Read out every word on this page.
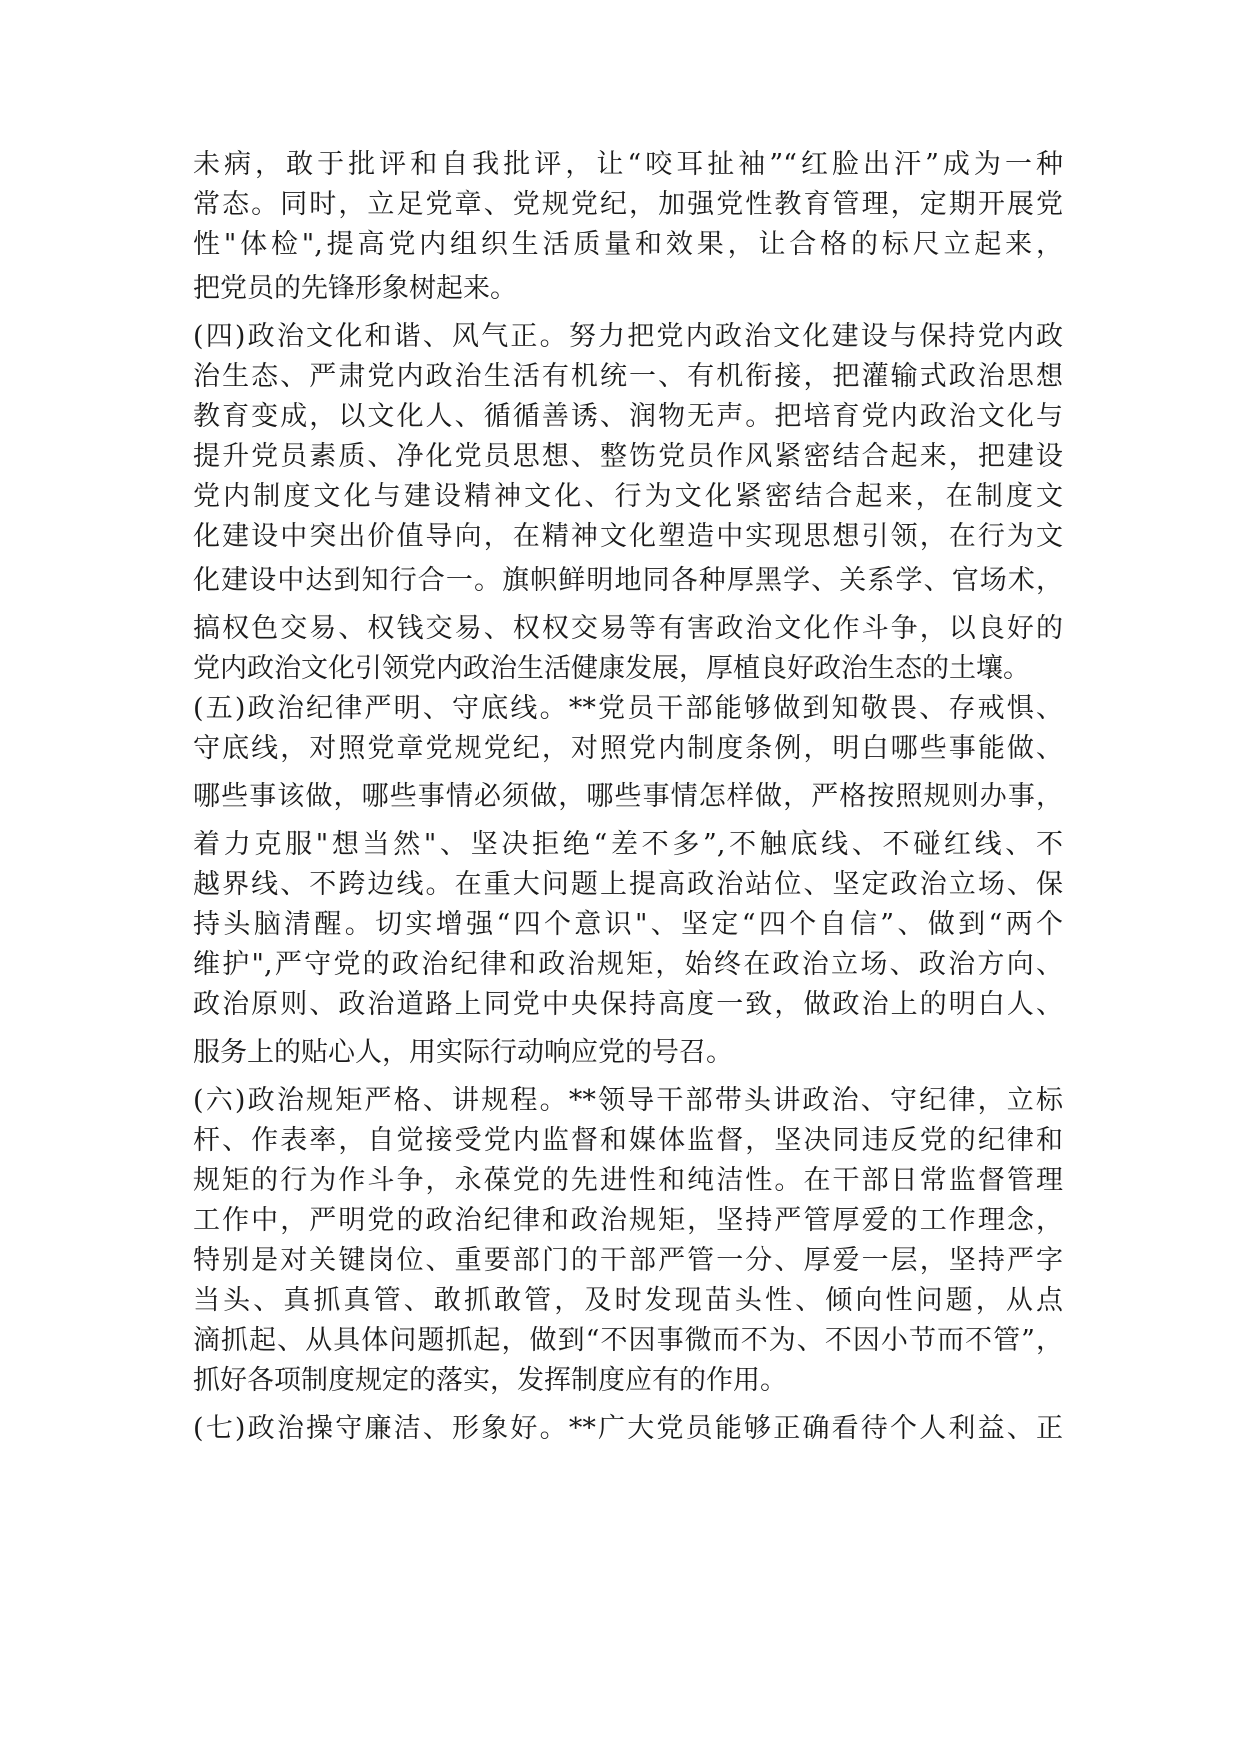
未病，敢于批评和自我批评，让“咬耳扯袖”“红脸出汗”成为一种
常态。同时，立足党章、党规党纪，加强党性教育管理，定期开展党
性"体检",提高党内组织生活质量和效果，让合格的标尺立起来，
把党员的先锋形象树起来。
(四)政治文化和谐、风气正。努力把党内政治文化建设与保持党内政
治生态、严肃党内政治生活有机统一、有机衔接，把灌输式政治思想
教育变成，以文化人、循循善诱、润物无声。把培育党内政治文化与
提升党员素质、净化党员思想、整饬党员作风紧密结合起来，把建设
党内制度文化与建设精神文化、行为文化紧密结合起来，在制度文
化建设中突出价值导向，在精神文化塑造中实现思想引领，在行为文
化建设中达到知行合一。旗帜鲜明地同各种厚黑学、关系学、官场术，
搞权色交易、权钱交易、权权交易等有害政治文化作斗争，以良好的
党内政治文化引领党内政治生活健康发展，厚植良好政治生态的土壤。
(五)政治纪律严明、守底线。**党员干部能够做到知敬畏、存戒惧、
守底线，对照党章党规党纪，对照党内制度条例，明白哪些事能做、
哪些事该做，哪些事情必须做，哪些事情怎样做，严格按照规则办事，
着力克服"想当然"、坚决拒绝“差不多”,不触底线、不碰红线、不
越界线、不跨边线。在重大问题上提高政治站位、坚定政治立场、保
持头脑清醒。切实增强“四个意识"、坚定“四个自信”、做到“两个
维护",严守党的政治纪律和政治规矩，始终在政治立场、政治方向、
政治原则、政治道路上同党中央保持高度一致，做政治上的明白人、
服务上的贴心人，用实际行动响应党的号召。
(六)政治规矩严格、讲规程。**领导干部带头讲政治、守纪律，立标
杆、作表率，自觉接受党内监督和媒体监督，坚决同违反党的纪律和
规矩的行为作斗争，永葆党的先进性和纯洁性。在干部日常监督管理
工作中，严明党的政治纪律和政治规矩，坚持严管厚爱的工作理念，
特别是对关键岗位、重要部门的干部严管一分、厚爱一层，坚持严字
当头、真抓真管、敢抓敢管，及时发现苗头性、倾向性问题，从点
滴抓起、从具体问题抓起，做到“不因事微而不为、不因小节而不管”，
抓好各项制度规定的落实，发挥制度应有的作用。
(七)政治操守廉洁、形象好。**广大党员能够正确看待个人利益、正
